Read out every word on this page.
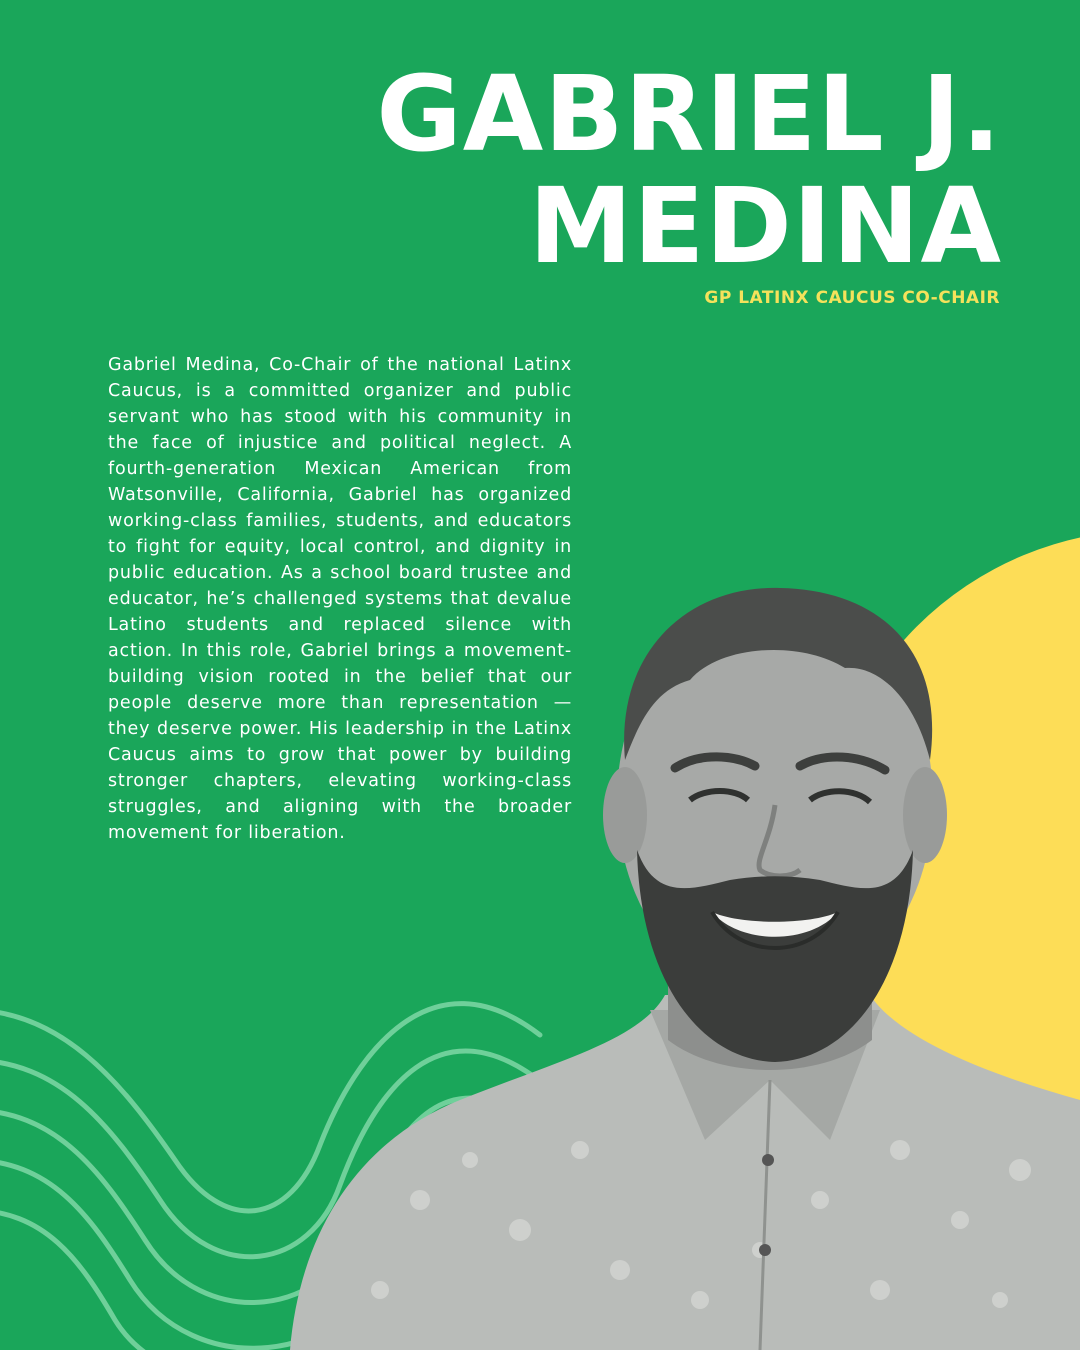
GABRIEL J.
MEDINA

GP LATINX CAUCUS CO-CHAIR

Gabriel Medina, Co-Chair of the national Latinx Caucus, is a committed organizer and public servant who has stood with his community in the face of injustice and political neglect. A fourth-generation Mexican American from Watsonville, California, Gabriel has organized working-class families, students, and educators to fight for equity, local control, and dignity in public education. As a school board trustee and educator, he’s challenged systems that devalue Latino students and replaced silence with action. In this role, Gabriel brings a movement-building vision rooted in the belief that our people deserve more than representation — they deserve power. His leadership in the Latinx Caucus aims to grow that power by building stronger chapters, elevating working-class struggles, and aligning with the broader movement for liberation.
